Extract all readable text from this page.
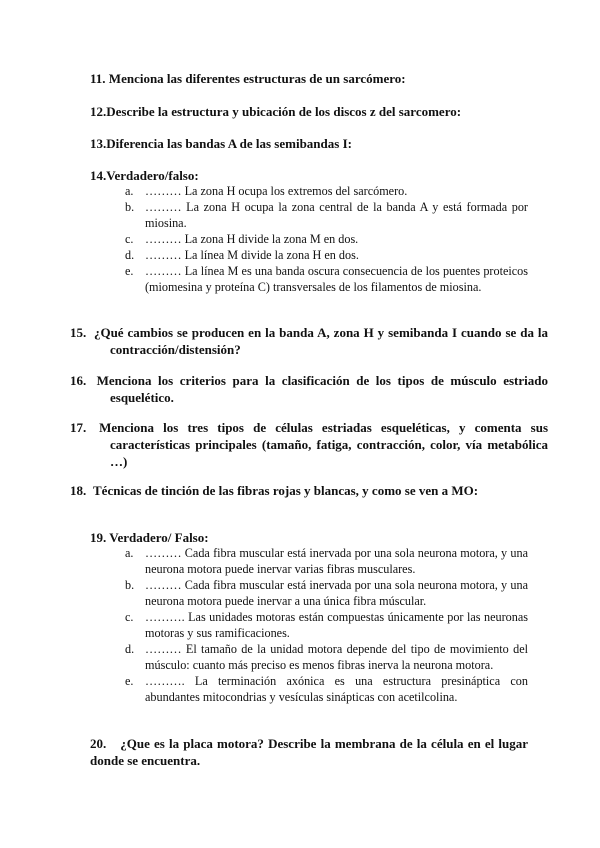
11. Menciona las diferentes estructuras de un sarcómero:
12.Describe la estructura y ubicación de los discos z del sarcomero:
13.Diferencia las bandas A de las semibandas I:
14.Verdadero/falso:
a. ……… La zona H ocupa los extremos del sarcómero.
b. ……… La zona H ocupa la zona central de la banda A y está formada por miosina.
c. ……… La zona H divide la zona M en dos.
d. ……… La línea M divide la zona H en dos.
e. ……… La línea M es una banda oscura consecuencia de los puentes proteicos (miomesina y proteína C) transversales de los filamentos de miosina.
15. ¿Qué cambios se producen en la banda A, zona H y semibanda I cuando se da la contracción/distensión?
16. Menciona los criterios para la clasificación de los tipos de músculo estriado esquelético.
17. Menciona los tres tipos de células estriadas esqueléticas, y comenta sus características principales (tamaño, fatiga, contracción, color, vía metabólica …)
18. Técnicas de tinción de las fibras rojas y blancas, y como se ven a MO:
19. Verdadero/ Falso:
a. ……… Cada fibra muscular está inervada por una sola neurona motora, y una neurona motora puede inervar varias fibras musculares.
b. ……… Cada fibra muscular está inervada por una sola neurona motora, y una neurona motora puede inervar a una única fibra múscular.
c. ………. Las unidades motoras están compuestas únicamente por las neuronas motoras y sus ramificaciones.
d. ……… El tamaño de la unidad motora depende del tipo de movimiento del músculo: cuanto más preciso es menos fibras inerva la neurona motora.
e. ………. La terminación axónica es una estructura presináptica con abundantes mitocondrias y vesículas sinápticas con acetilcolina.
20. ¿Que es la placa motora? Describe la membrana de la célula en el lugar donde se encuentra.
